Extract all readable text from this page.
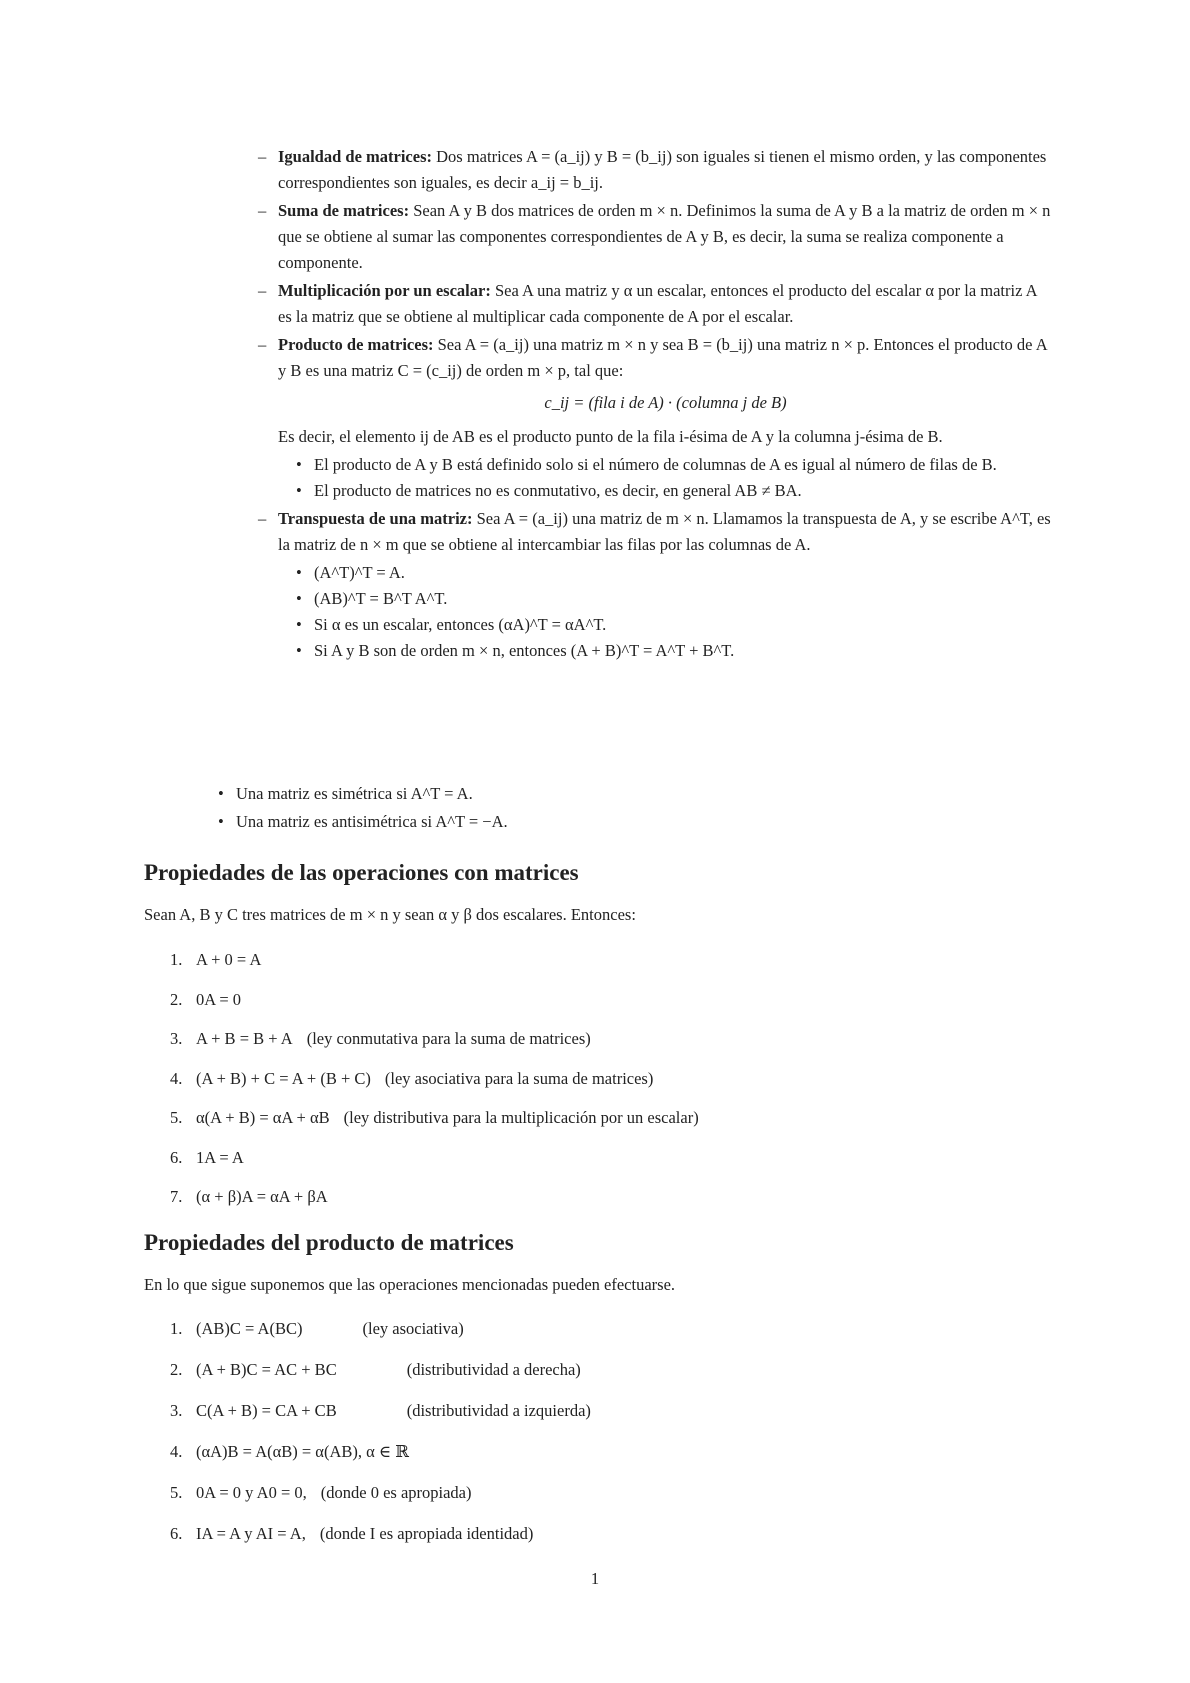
– Igualdad de matrices: Dos matrices A = (a_ij) y B = (b_ij) son iguales si tienen el mismo orden, y las componentes correspondientes son iguales, es decir a_ij = b_ij.
– Suma de matrices: Sean A y B dos matrices de orden m × n. Definimos la suma de A y B a la matriz de orden m × n que se obtiene al sumar las componentes correspondientes de A y B, es decir, la suma se realiza componente a componente.
– Multiplicación por un escalar: Sea A una matriz y α un escalar, entonces el producto del escalar α por la matriz A es la matriz que se obtiene al multiplicar cada componente de A por el escalar.
– Producto de matrices: Sea A = (a_ij) una matriz m × n y sea B = (b_ij) una matriz n × p. Entonces el producto de A y B es una matriz C = (c_ij) de orden m × p, tal que:
c_ij = (fila i de A) · (columna j de B)
Es decir, el elemento ij de AB es el producto punto de la fila i-ésima de A y la columna j-ésima de B.
• El producto de A y B está definido solo si el número de columnas de A es igual al número de filas de B.
• El producto de matrices no es conmutativo, es decir, en general AB ≠ BA.
– Transpuesta de una matriz: Sea A = (a_ij) una matriz de m × n. Llamamos la transpuesta de A, y se escribe A^T, es la matriz de n × m que se obtiene al intercambiar las filas por las columnas de A.
• (A^T)^T = A.
• (AB)^T = B^T A^T.
• Si α es un escalar, entonces (αA)^T = αA^T.
• Si A y B son de orden m × n, entonces (A + B)^T = A^T + B^T.
• Una matriz es simétrica si A^T = A.
• Una matriz es antisimétrica si A^T = −A.
Propiedades de las operaciones con matrices
Sean A, B y C tres matrices de m × n y sean α y β dos escalares. Entonces:
1. A + 0 = A
2. 0A = 0
3. A + B = B + A (ley conmutativa para la suma de matrices)
4. (A + B) + C = A + (B + C) (ley asociativa para la suma de matrices)
5. α(A + B) = αA + αB (ley distributiva para la multiplicación por un escalar)
6. 1A = A
7. (α + β)A = αA + βA
Propiedades del producto de matrices
En lo que sigue suponemos que las operaciones mencionadas pueden efectuarse.
1. (AB)C = A(BC)	(ley asociativa)
2. (A + B)C = AC + BC	(distributividad a derecha)
3. C(A + B) = CA + CB	(distributividad a izquierda)
4. (αA)B = A(αB) = α(AB), α ∈ ℝ
5. 0A = 0 y A0 = 0, (donde 0 es apropiada)
6. IA = A y AI = A, (donde I es apropiada identidad)
1
